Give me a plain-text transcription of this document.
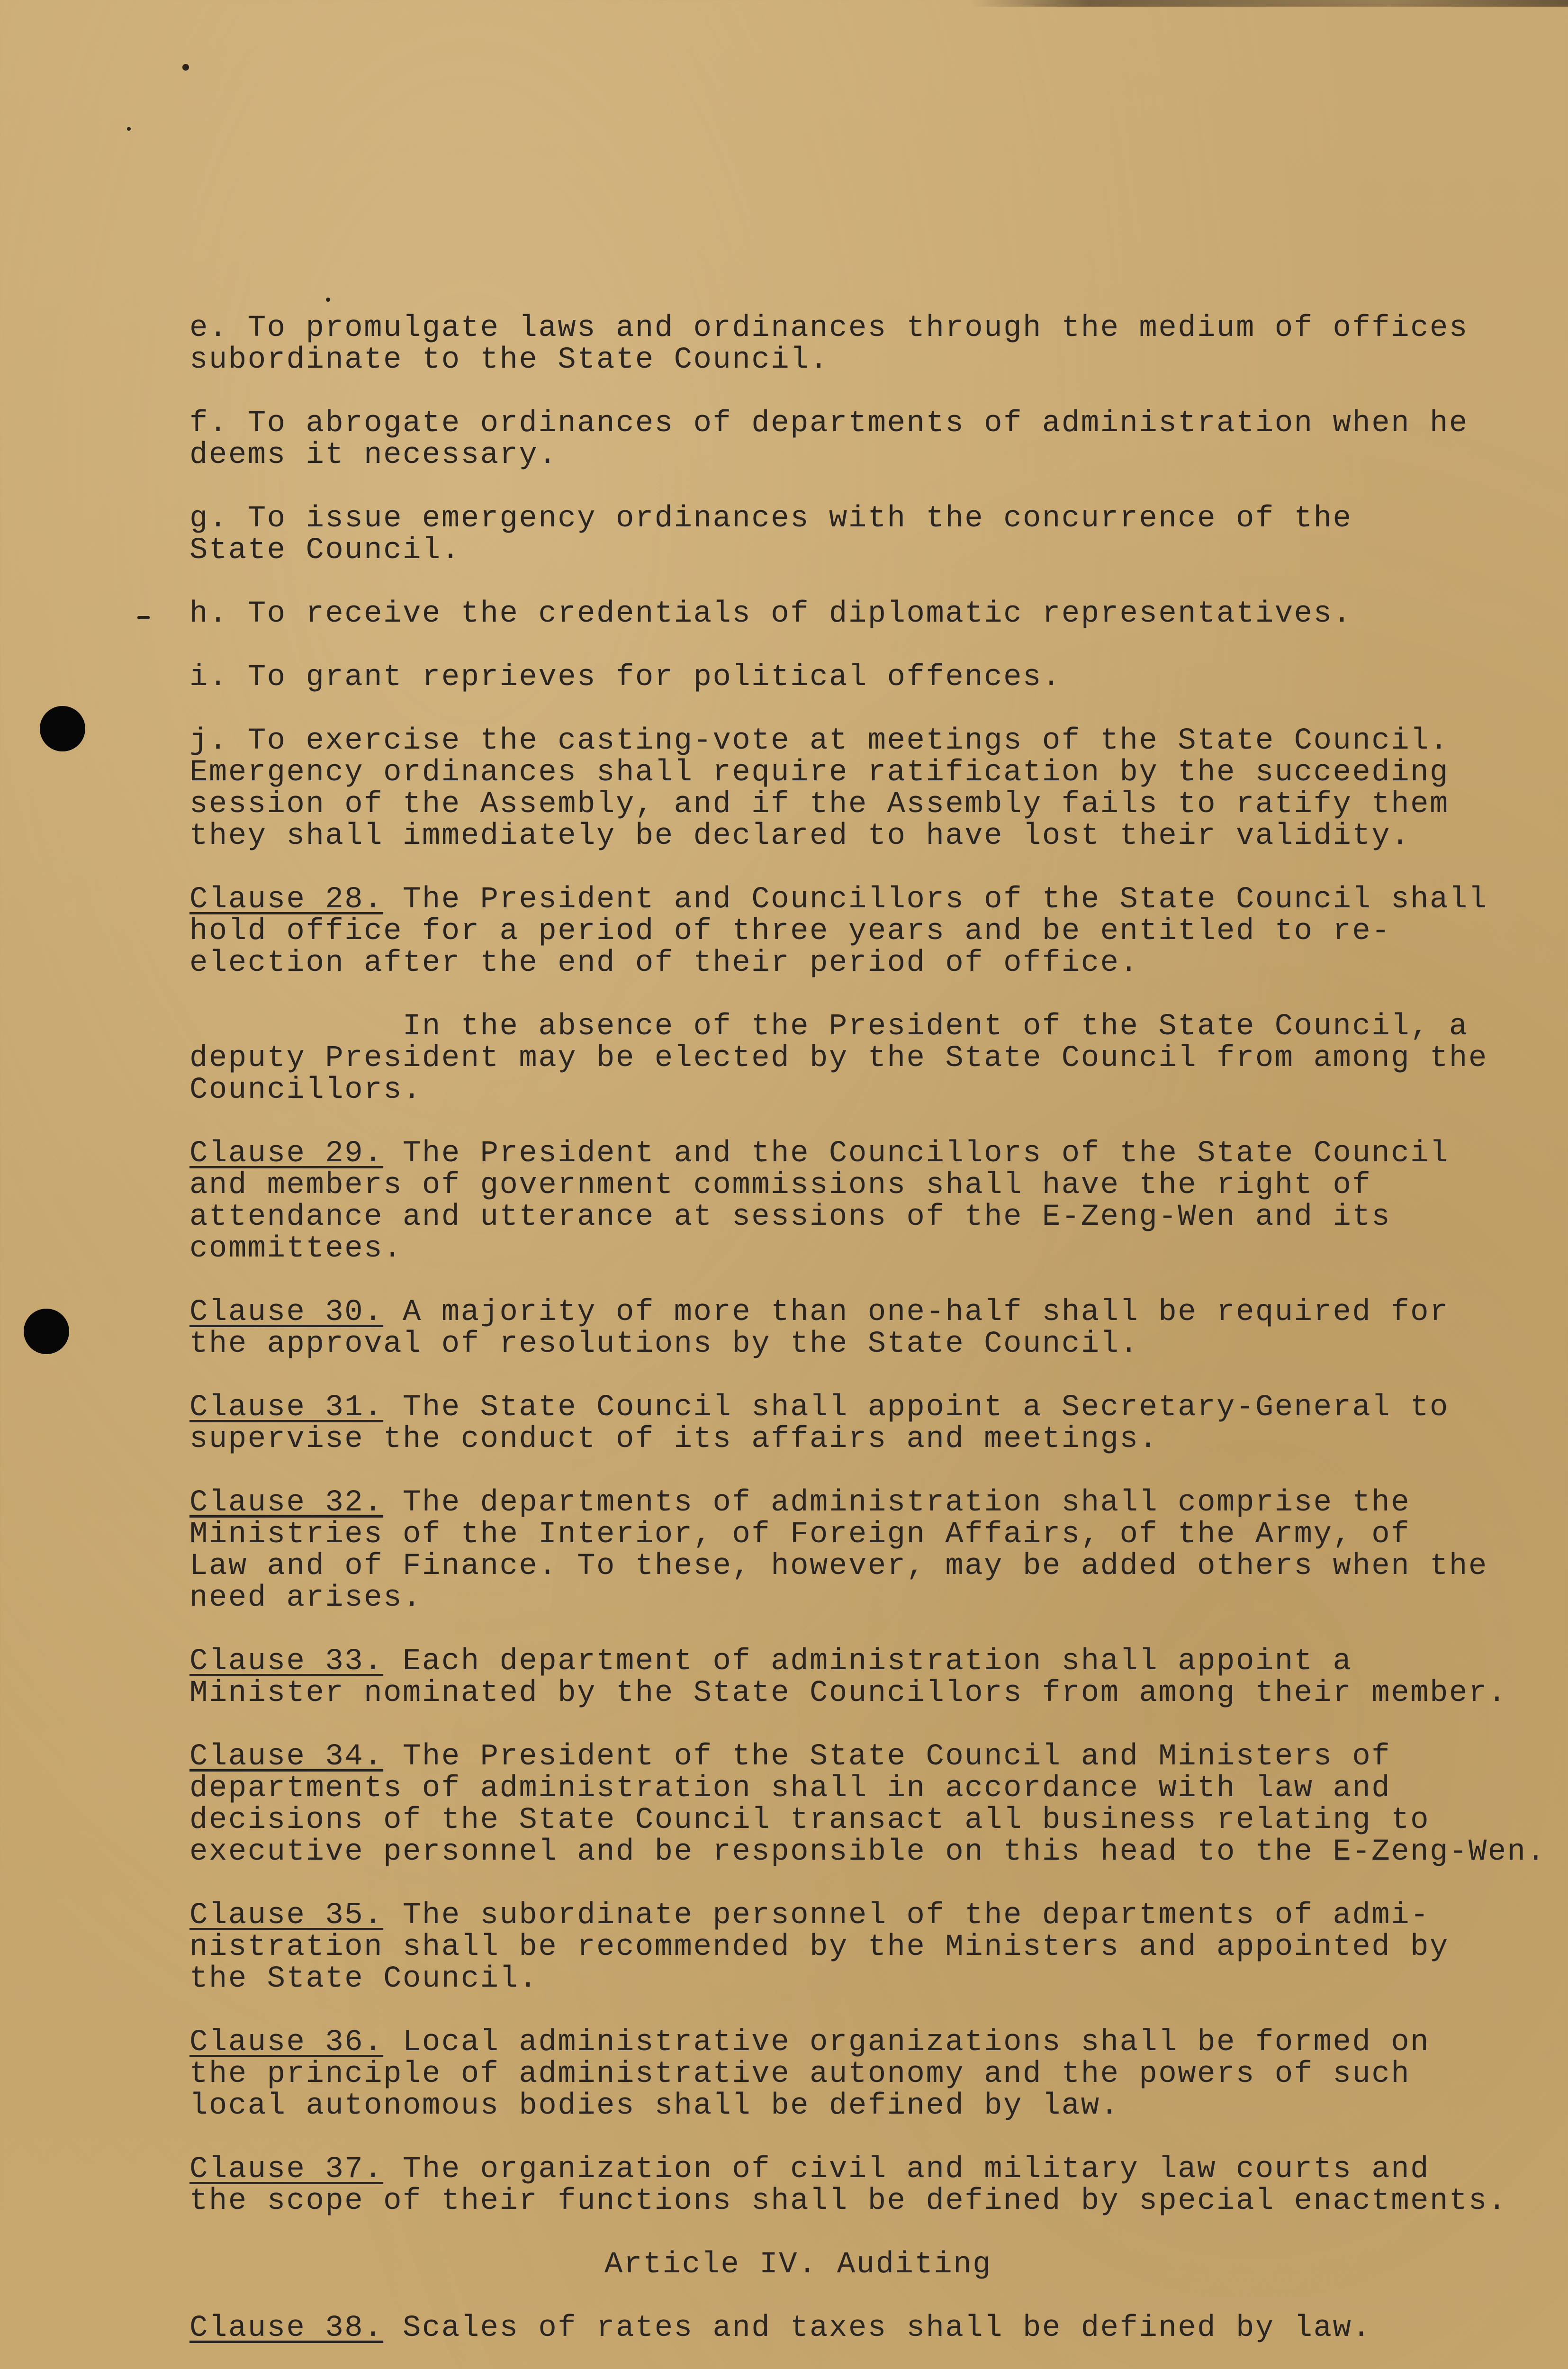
e. To promulgate laws and ordinances through the medium of offices
subordinate to the State Council.
f. To abrogate ordinances of departments of administration when he
deems it necessary.
g. To issue emergency ordinances with the concurrence of the
State Council.
h. To receive the credentials of diplomatic representatives.
i. To grant reprieves for political offences.
j. To exercise the casting-vote at meetings of the State Council.
Emergency ordinances shall require ratification by the succeeding
session of the Assembly, and if the Assembly fails to ratify them
they shall immediately be declared to have lost their validity.
Clause 28. The President and Councillors of the State Council shall
hold office for a period of three years and be entitled to re-
election after the end of their period of office.
In the absence of the President of the State Council, a
deputy President may be elected by the State Council from among the
Councillors.
Clause 29. The President and the Councillors of the State Council
and members of government commissions shall have the right of
attendance and utterance at sessions of the E-Zeng-Wen and its
committees.
Clause 30. A majority of more than one-half shall be required for
the approval of resolutions by the State Council.
Clause 31. The State Council shall appoint a Secretary-General to
supervise the conduct of its affairs and meetings.
Clause 32. The departments of administration shall comprise the
Ministries of the Interior, of Foreign Affairs, of the Army, of
Law and of Finance. To these, however, may be added others when the
need arises.
Clause 33. Each department of administration shall appoint a
Minister nominated by the State Councillors from among their member.
Clause 34. The President of the State Council and Ministers of
departments of administration shall in accordance with law and
decisions of the State Council transact all business relating to
executive personnel and be responsible on this head to the E-Zeng-Wen.
Clause 35. The subordinate personnel of the departments of admi-
nistration shall be recommended by the Ministers and appointed by
the State Council.
Clause 36. Local administrative organizations shall be formed on
the principle of administrative autonomy and the powers of such
local autonomous bodies shall be defined by law.
Clause 37. The organization of civil and military law courts and
the scope of their functions shall be defined by special enactments.
Article IV. Auditing
Clause 38. Scales of rates and taxes shall be defined by law.
